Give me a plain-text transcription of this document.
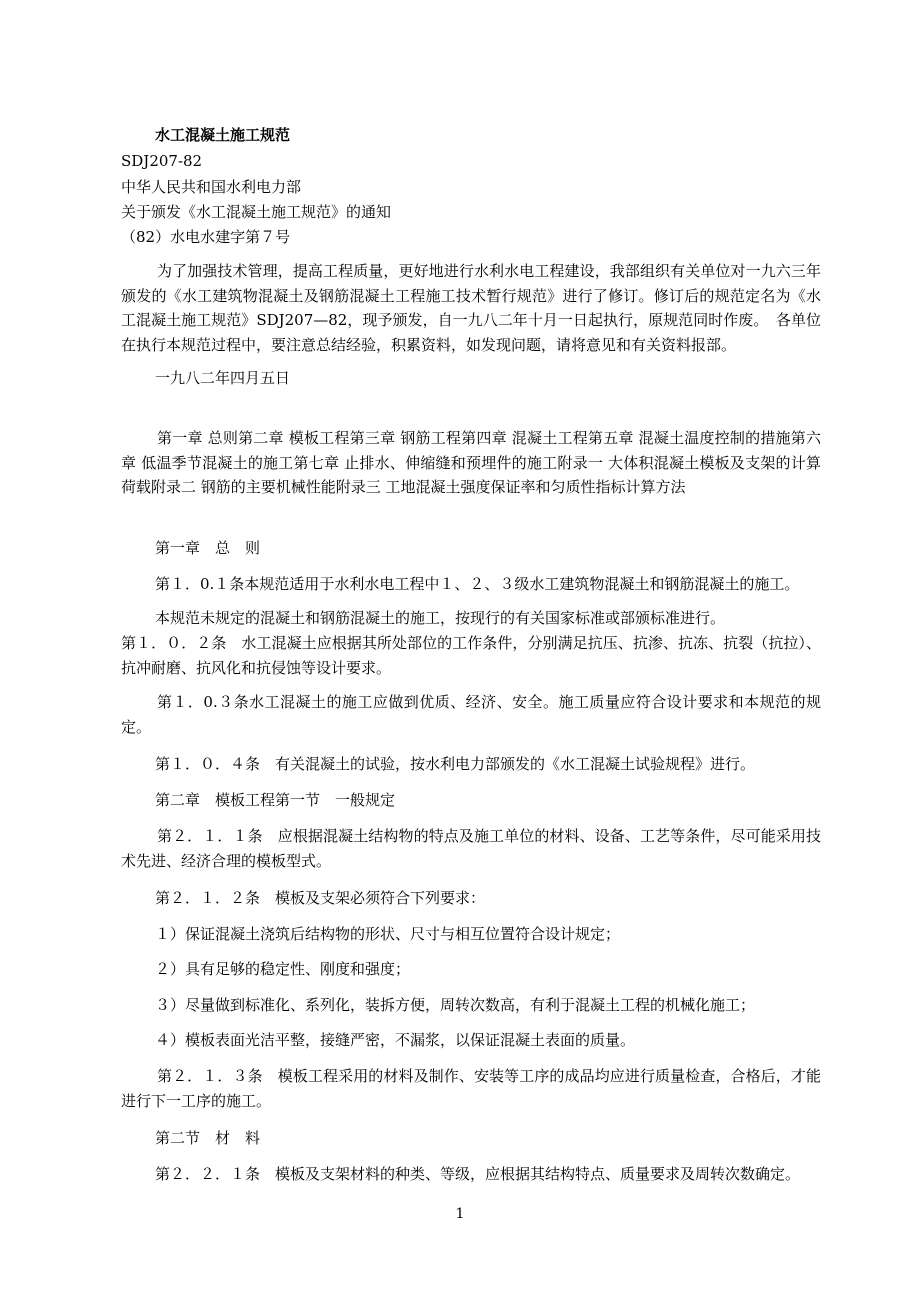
水工混凝土施工规范

SDJ207-82

中华人民共和国水利电力部

关于颁发《水工混凝土施工规范》的通知

（82）水电水建字第７号

为了加强技术管理，提高工程质量，更好地进行水利水电工程建设，我部组织有关单位对一九六三年颁发的《水工建筑物混凝土及钢筋混凝土工程施工技术暂行规范》进行了修订。修订后的规范定名为《水工混凝土施工规范》SDJ207—82，现予颁发，自一九八二年十月一日起执行，原规范同时作废。　各单位在执行本规范过程中，要注意总结经验，积累资料，如发现问题，请将意见和有关资料报部。

一九八二年四月五日

第一章 总则第二章 模板工程第三章 钢筋工程第四章 混凝土工程第五章 混凝土温度控制的措施第六章 低温季节混凝土的施工第七章 止排水、伸缩缝和预埋件的施工附录一 大体积混凝土模板及支架的计算荷载附录二 钢筋的主要机械性能附录三 工地混凝土强度保证率和匀质性指标计算方法

第一章　总　则

第１．0.１条本规范适用于水利水电工程中１、２、３级水工建筑物混凝土和钢筋混凝土的施工。

本规范未规定的混凝土和钢筋混凝土的施工，按现行的有关国家标准或部颁标准进行。

第１．０．２条　水工混凝土应根据其所处部位的工作条件，分别满足抗压、抗渗、抗冻、抗裂（抗拉）、抗冲耐磨、抗风化和抗侵蚀等设计要求。

第１．0.３条水工混凝土的施工应做到优质、经济、安全。施工质量应符合设计要求和本规范的规定。

第１．０．４条　有关混凝土的试验，按水利电力部颁发的《水工混凝土试验规程》进行。

第二章　模板工程第一节　一般规定

第２．１．１条　应根据混凝土结构物的特点及施工单位的材料、设备、工艺等条件，尽可能采用技术先进、经济合理的模板型式。

第２．１．２条　模板及支架必须符合下列要求：

１）保证混凝土浇筑后结构物的形状、尺寸与相互位置符合设计规定；

２）具有足够的稳定性、刚度和强度；

３）尽量做到标准化、系列化，装拆方便，周转次数高，有利于混凝土工程的机械化施工；

４）模板表面光洁平整，接缝严密，不漏浆，以保证混凝土表面的质量。

第２．１．３条　模板工程采用的材料及制作、安装等工序的成品均应进行质量检查，合格后，才能进行下一工序的施工。

第二节　材　料

第２．２．１条　模板及支架材料的种类、等级，应根据其结构特点、质量要求及周转次数确定。

1
